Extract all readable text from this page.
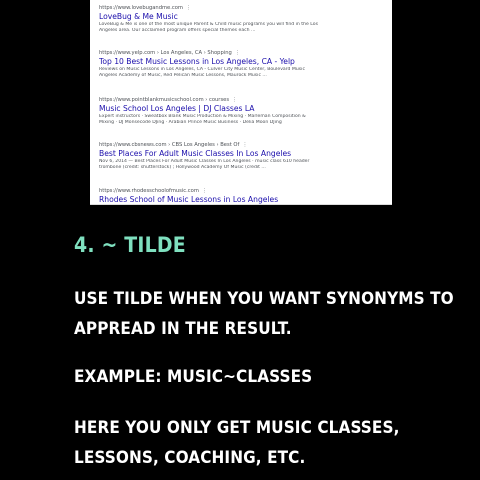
https://www.lovebugandme.com ⋮
LoveBug & Me Music

LoveBug & Me is one of the most unique Parent & Child music programs you will find in the Los

Angeles area. Our acclaimed program offers special themes each ...

https://www.yelp.com › Los Angeles, CA › Shopping ⋮
Top 10 Best Music Lessons in Los Angeles, CA - Yelp

Reviews on Music Lessons in Los Angeles, CA - Culver City Music Center, Boulevard Music

Angeles Academy of Music, Red Pelican Music Lessons, Maurock Music ...

https://www.pointblankmusicschool.com › courses ⋮
Music School Los Angeles | DJ Classes LA

Expert instructors · Sweatbox Blank Music Production & Mixing · Marleman Composition &

Mixing · DJ Monsecode DJing · Arabian Prince Music Business · Delia Moon DJing

https://www.cbsnews.com › CBS Los Angeles › Best Of ⋮
Best Places For Adult Music Classes In Los Angeles

Nov 6, 2014 — Best Places For Adult Music Classes In Los Angeles · music class 610 header

trombone (credit: shutterstock) ; Hollywood Academy Of Music (credit ...

https://www.rhodesschoolofmusic.com ⋮
Rhodes School of Music Lessons in Los Angeles
4. ~ TILDE
USE TILDE WHEN YOU WANT SYNONYMS TO
APPREAD IN THE RESULT.
EXAMPLE: MUSIC~CLASSES
HERE YOU ONLY GET MUSIC CLASSES,
LESSONS, COACHING, ETC.
